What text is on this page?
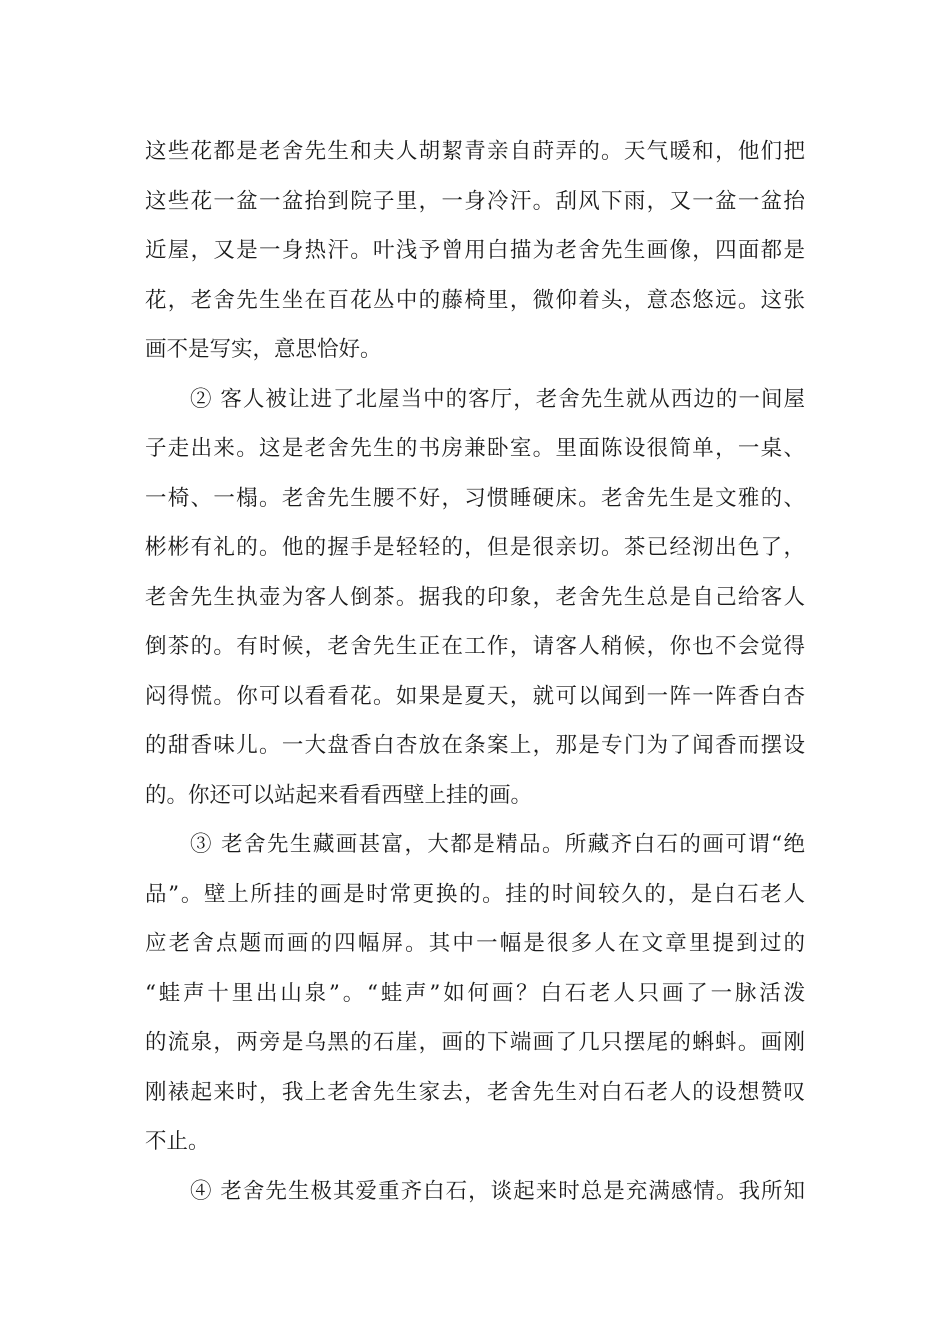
这些花都是老舍先生和夫人胡絜青亲自莳弄的。天气暖和，他们把
这些花一盆一盆抬到院子里，一身冷汗。刮风下雨，又一盆一盆抬
近屋，又是一身热汗。叶浅予曾用白描为老舍先生画像，四面都是
花，老舍先生坐在百花丛中的藤椅里，微仰着头，意态悠远。这张
画不是写实，意思恰好。
② 客人被让进了北屋当中的客厅，老舍先生就从西边的一间屋
子走出来。这是老舍先生的书房兼卧室。里面陈设很简单，一桌、
一椅、一榻。老舍先生腰不好，习惯睡硬床。老舍先生是文雅的、
彬彬有礼的。他的握手是轻轻的，但是很亲切。茶已经沏出色了，
老舍先生执壶为客人倒茶。据我的印象，老舍先生总是自己给客人
倒茶的。有时候，老舍先生正在工作，请客人稍候，你也不会觉得
闷得慌。你可以看看花。如果是夏天，就可以闻到一阵一阵香白杏
的甜香味儿。一大盘香白杏放在条案上，那是专门为了闻香而摆设
的。你还可以站起来看看西壁上挂的画。
③ 老舍先生藏画甚富，大都是精品。所藏齐白石的画可谓“绝
品”。壁上所挂的画是时常更换的。挂的时间较久的，是白石老人
应老舍点题而画的四幅屏。其中一幅是很多人在文章里提到过的
“蛙声十里出山泉”。“蛙声”如何画？白石老人只画了一脉活泼
的流泉，两旁是乌黑的石崖，画的下端画了几只摆尾的蝌蚪。画刚
刚裱起来时，我上老舍先生家去，老舍先生对白石老人的设想赞叹
不止。
④ 老舍先生极其爱重齐白石，谈起来时总是充满感情。我所知
